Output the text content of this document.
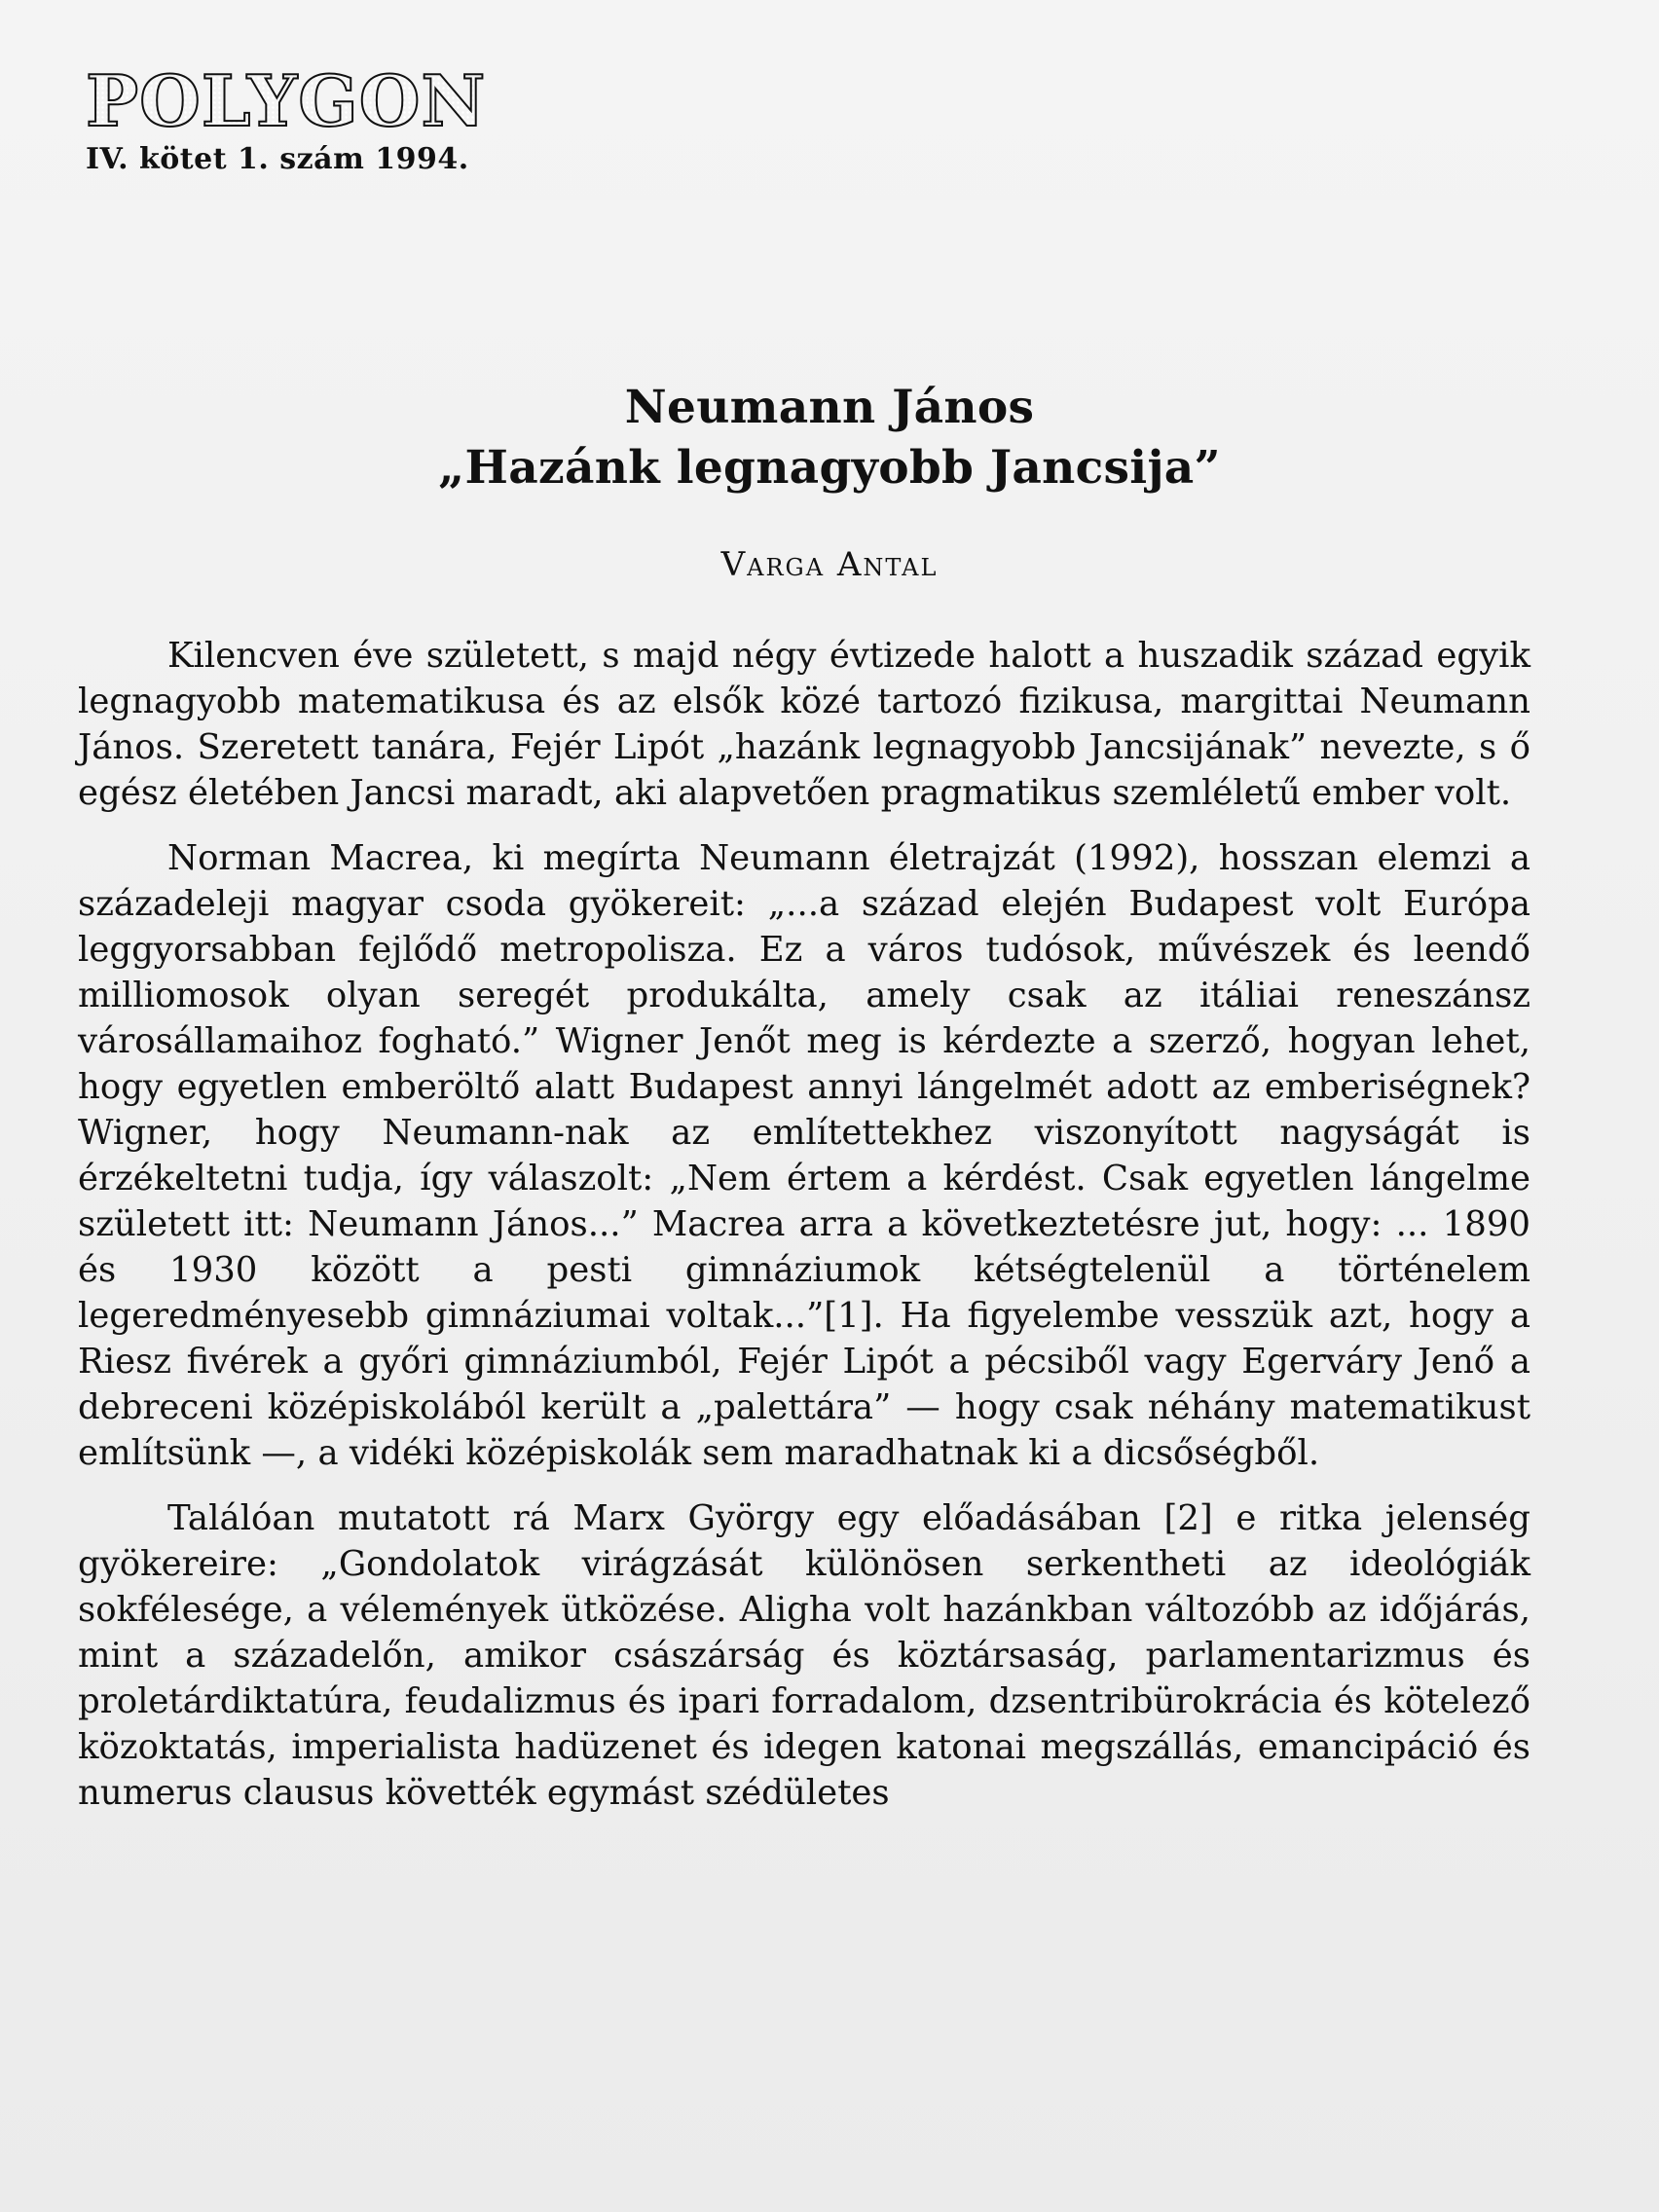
POLYGON POLYGON
IV. kötet 1. szám 1994.
Neumann János
„Hazánk legnagyobb Jancsija”
Varga Antal

Kilencven éve született, s majd négy évtizede halott a huszadik század egyik legnagyobb matematikusa és az elsők közé tartozó fizikusa, margittai Neumann János. Szeretett tanára, Fejér Lipót „hazánk legnagyobb Jancsijának” nevezte, s ő egész életében Jancsi maradt, aki alapvetően pragmatikus szemléletű ember volt.

Norman Macrea, ki megírta Neumann életrajzát (1992), hosszan elemzi a századeleji magyar csoda gyökereit: „...a század elején Budapest volt Európa leggyorsabban fejlődő metropolisza. Ez a város tudósok, művészek és leendő milliomosok olyan seregét produkálta, amely csak az itáliai reneszánsz városállamaihoz fogható.” Wigner Jenőt meg is kérdezte a szerző, hogyan lehet, hogy egyetlen emberöltő alatt Budapest annyi lángelmét adott az emberiségnek? Wigner, hogy Neumann-nak az említettekhez viszonyított nagyságát is érzékeltetni tudja, így válaszolt: „Nem értem a kérdést. Csak egyetlen lángelme született itt: Neumann János...” Macrea arra a következtetésre jut, hogy: ... 1890 és 1930 között a pesti gimnáziumok kétségtelenül a történelem legeredményesebb gimnáziumai voltak...”[1]. Ha figyelembe vesszük azt, hogy a Riesz fivérek a győri gimnáziumból, Fejér Lipót a pécsiből vagy Egerváry Jenő a debreceni középiskolából került a „palettára” — hogy csak néhány matematikust említsünk —, a vidéki középiskolák sem maradhatnak ki a dicsőségből.

Találóan mutatott rá Marx György egy előadásában [2] e ritka jelenség gyökereire: „Gondolatok virágzását különösen serkentheti az ideológiák sokfélesége, a vélemények ütközése. Aligha volt hazánkban változóbb az időjárás, mint a századelőn, amikor császárság és köztársaság, parlamentarizmus és proletárdiktatúra, feudalizmus és ipari forradalom, dzsentribürokrácia és kötelező közoktatás, imperialista hadüzenet és idegen katonai megszállás, emancipáció és numerus clausus követték egymást szédületes
